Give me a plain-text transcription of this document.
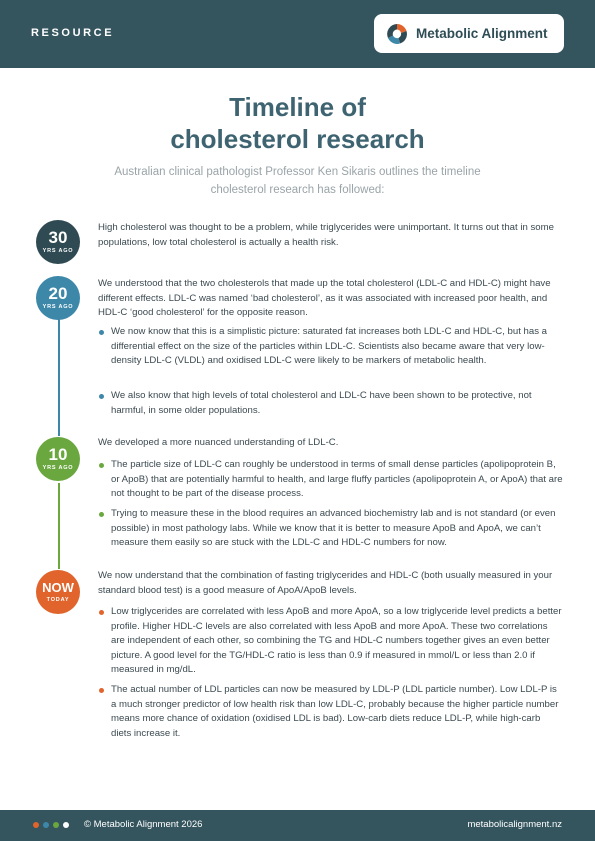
RESOURCE	Metabolic Alignment
Timeline of
cholesterol research
Australian clinical pathologist Professor Ken Sikaris outlines the timeline cholesterol research has followed:
30
YRS AGO
High cholesterol was thought to be a problem, while triglycerides were unimportant. It turns out that in some populations, low total cholesterol is actually a health risk.
20
YRS AGO
We understood that the two cholesterols that made up the total cholesterol (LDL-C and HDL-C) might have different effects. LDL-C was named ‘bad cholesterol’, as it was associated with increased poor health, and HDL-C ‘good cholesterol’ for the opposite reason.
We now know that this is a simplistic picture: saturated fat increases both LDL-C and HDL-C, but has a differential effect on the size of the particles within LDL-C. Scientists also became aware that very low-density LDL-C (VLDL) and oxidised LDL-C were likely to be markers of metabolic health.
We also know that high levels of total cholesterol and LDL-C have been shown to be protective, not harmful, in some older populations.
10
YRS AGO
We developed a more nuanced understanding of LDL-C.
The particle size of LDL-C can roughly be understood in terms of small dense particles (apolipoprotein B, or ApoB) that are potentially harmful to health, and large fluffy particles (apolipoprotein A, or ApoA) that are not thought to be part of the disease process.
Trying to measure these in the blood requires an advanced biochemistry lab and is not standard (or even possible) in most pathology labs. While we know that it is better to measure ApoB and ApoA, we can’t measure them easily so are stuck with the LDL-C and HDL-C numbers for now.
NOW
TODAY
We now understand that the combination of fasting triglycerides and HDL-C (both usually measured in your standard blood test) is a good measure of ApoA/ApoB levels.
Low triglycerides are correlated with less ApoB and more ApoA, so a low triglyceride level predicts a better profile. Higher HDL-C levels are also correlated with less ApoB and more ApoA. These two correlations are independent of each other, so combining the TG and HDL-C numbers together gives an even better picture. A good level for the TG/HDL-C ratio is less than 0.9 if measured in mmol/L or less than 2.0 if measured in mg/dL.
The actual number of LDL particles can now be measured by LDL-P (LDL particle number). Low LDL-P is a much stronger predictor of low health risk than low LDL-C, probably because the higher particle number means more chance of oxidation (oxidised LDL is bad). Low-carb diets reduce LDL-P, while high-carb diets increase it.
© Metabolic Alignment 2026	metabolicalignment.nz
